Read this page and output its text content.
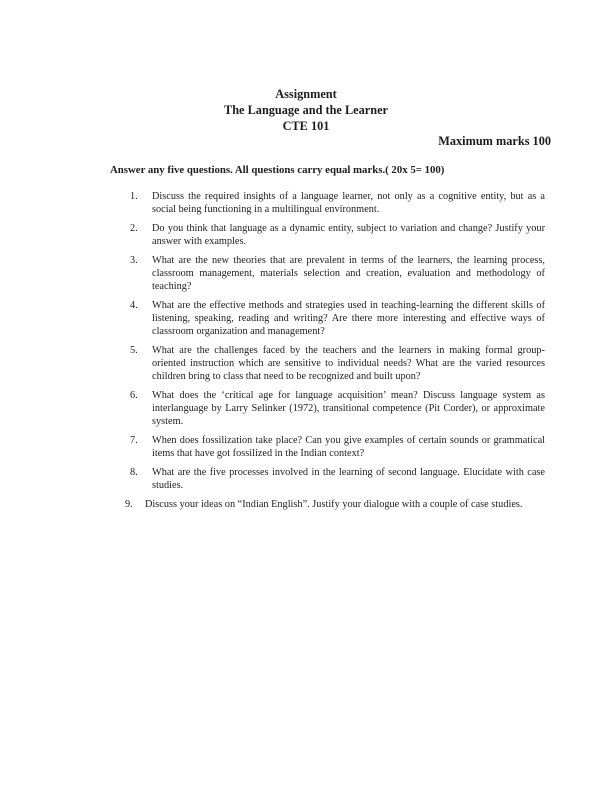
Assignment
The Language and the Learner
CTE 101
Maximum marks 100
Answer any five questions. All questions carry equal marks.( 20x 5= 100)
1.	Discuss the required insights of a language learner, not only as a cognitive entity, but as a social being functioning in a multilingual environment.
2.	Do you think that language as a dynamic entity, subject to variation and change? Justify your answer with examples.
3.	What are the new theories that are prevalent in terms of the learners, the learning process, classroom management, materials selection and creation, evaluation and methodology of teaching?
4.	What are the effective methods and strategies used in teaching-learning the different skills of listening, speaking, reading and writing? Are there more interesting and effective ways of classroom organization and management?
5.	What are the challenges faced by the teachers and the learners in making formal group-oriented instruction which are sensitive to individual needs? What are the varied resources children bring to class that need to be recognized and built upon?
6.	What does the ‘critical age for language acquisition’ mean? Discuss language system as interlanguage by Larry Selinker (1972), transitional competence (Pit Corder), or approximate system.
7.	When does fossilization take place? Can you give examples of certain sounds or grammatical items that have got fossilized in the Indian context?
8.	What are the five processes involved in the learning of second language. Elucidate with case studies.
9.	Discuss your ideas on “Indian English”. Justify your dialogue with a couple of case studies.
